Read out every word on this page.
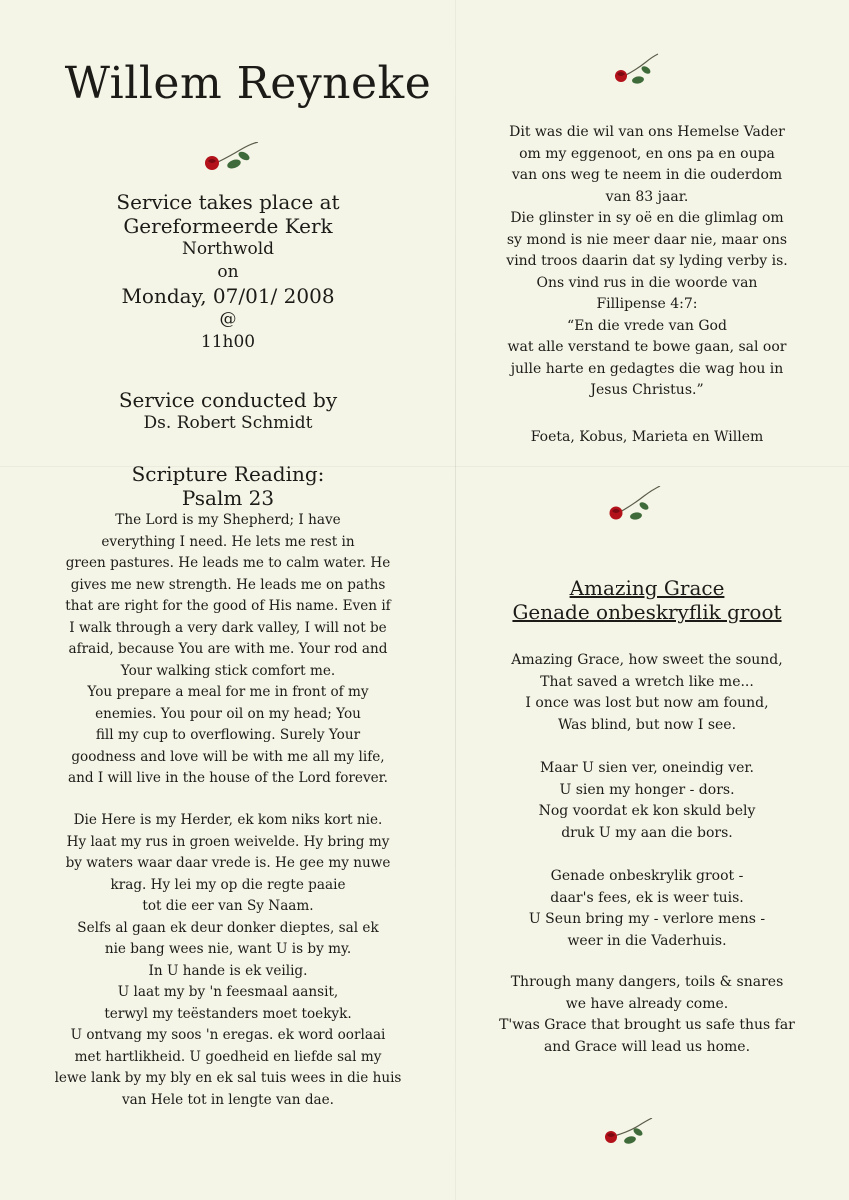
Willem Reyneke
Service takes place at
Gereformeerde Kerk
Northwold
on
Monday, 07/01/ 2008
@
11h00
Service conducted by
Ds. Robert Schmidt
Scripture Reading:
Psalm 23
The Lord is my Shepherd; I have
everything I need. He lets me rest in
green pastures. He leads me to calm water. He
gives me new strength. He leads me on paths
that are right for the good of His name. Even if
I walk through a very dark valley, I will not be
afraid, because You are with me. Your rod and
Your walking stick comfort me.
You prepare a meal for me in front of my
enemies. You pour oil on my head; You
fill my cup to overflowing. Surely Your
goodness and love will be with me all my life,
and I will live in the house of the Lord forever.
Die Here is my Herder, ek kom niks kort nie.
Hy laat my rus in groen weivelde. Hy bring my
by waters waar daar vrede is. He gee my nuwe
krag. Hy lei my op die regte paaie
tot die eer van Sy Naam.
Selfs al gaan ek deur donker dieptes, sal ek
nie bang wees nie, want U is by my.
In U hande is ek veilig.
U laat my by 'n feesmaal aansit,
terwyl my teëstanders moet toekyk.
U ontvang my soos 'n eregas. ek word oorlaai
met hartlikheid. U goedheid en liefde sal my
lewe lank by my bly en ek sal tuis wees in die huis
van Hele tot in lengte van dae.
Dit was die wil van ons Hemelse Vader
om my eggenoot, en ons pa en oupa
van ons weg te neem in die ouderdom
van 83 jaar.
Die glinster in sy oë en die glimlag om
sy mond is nie meer daar nie, maar ons
vind troos daarin dat sy lyding verby is.
Ons vind rus in die woorde van
Fillipense 4:7:
“En die vrede van God
wat alle verstand te bowe gaan, sal oor
julle harte en gedagtes die wag hou in
Jesus Christus.”
Foeta, Kobus, Marieta en Willem
Amazing Grace
Genade onbeskryflik groot
Amazing Grace, how sweet the sound,
That saved a wretch like me...
I once was lost but now am found,
Was blind, but now I see.
Maar U sien ver, oneindig ver.
U sien my honger - dors.
Nog voordat ek kon skuld bely
druk U my aan die bors.
Genade onbeskrylik groot -
daar's fees, ek is weer tuis.
U Seun bring my - verlore mens -
weer in die Vaderhuis.
Through many dangers, toils & snares
we have already come.
T'was Grace that brought us safe thus far
and Grace will lead us home.
